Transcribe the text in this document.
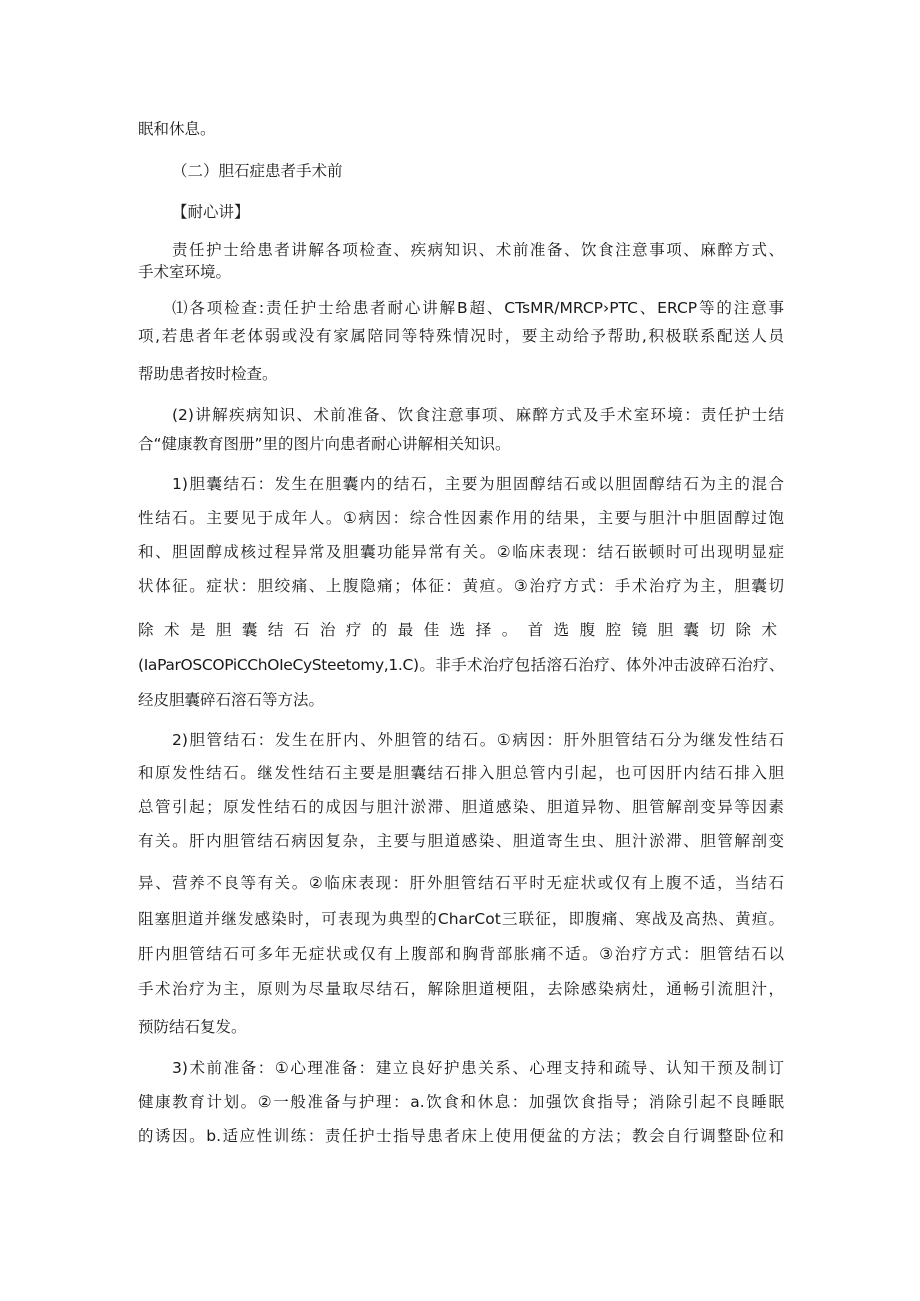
眠和休息。
（二）胆石症患者手术前
【耐心讲】
责任护士给患者讲解各项检查、疾病知识、术前准备、饮食注意事项、麻醉方式、
手术室环境。
⑴各项检查:责任护士给患者耐心讲解B超、CTsMR∕MRCP›PTC、ERCP等的注意事
项,若患者年老体弱或没有家属陪同等特殊情况时，要主动给予帮助,积极联系配送人员
帮助患者按时检查。
(2)讲解疾病知识、术前准备、饮食注意事项、麻醉方式及手术室环境：责任护士结
合“健康教育图册”里的图片向患者耐心讲解相关知识。
1)胆囊结石：发生在胆囊内的结石，主要为胆固醇结石或以胆固醇结石为主的混合
性结石。主要见于成年人。①病因：综合性因素作用的结果，主要与胆汁中胆固醇过饱
和、胆固醇成核过程异常及胆囊功能异常有关。②临床表现：结石嵌顿时可出现明显症
状体征。症状：胆绞痛、上腹隐痛；体征：黄疸。③治疗方式：手术治疗为主，胆囊切
除术是胆囊结石治疗的最佳选择。首选腹腔镜胆囊切除术
(IaParOSCOPiCChOIeCySteetomy,1.C)。非手术治疗包括溶石治疗、体外冲击波碎石治疗、
经皮胆囊碎石溶石等方法。
2)胆管结石：发生在肝内、外胆管的结石。①病因：肝外胆管结石分为继发性结石
和原发性结石。继发性结石主要是胆囊结石排入胆总管内引起，也可因肝内结石排入胆
总管引起；原发性结石的成因与胆汁淤滞、胆道感染、胆道异物、胆管解剖变异等因素
有关。肝内胆管结石病因复杂，主要与胆道感染、胆道寄生虫、胆汁淤滞、胆管解剖变
异、营养不良等有关。②临床表现：肝外胆管结石平时无症状或仅有上腹不适，当结石
阻塞胆道并继发感染时，可表现为典型的CharCot三联征，即腹痛、寒战及高热、黄疸。
肝内胆管结石可多年无症状或仅有上腹部和胸背部胀痛不适。③治疗方式：胆管结石以
手术治疗为主，原则为尽量取尽结石，解除胆道梗阻，去除感染病灶，通畅引流胆汁，
预防结石复发。
3)术前准备：①心理准备：建立良好护患关系、心理支持和疏导、认知干预及制订
健康教育计划。②一般准备与护理：a.饮食和休息：加强饮食指导；消除引起不良睡眠
的诱因。b.适应性训练：责任护士指导患者床上使用便盆的方法；教会自行调整卧位和
